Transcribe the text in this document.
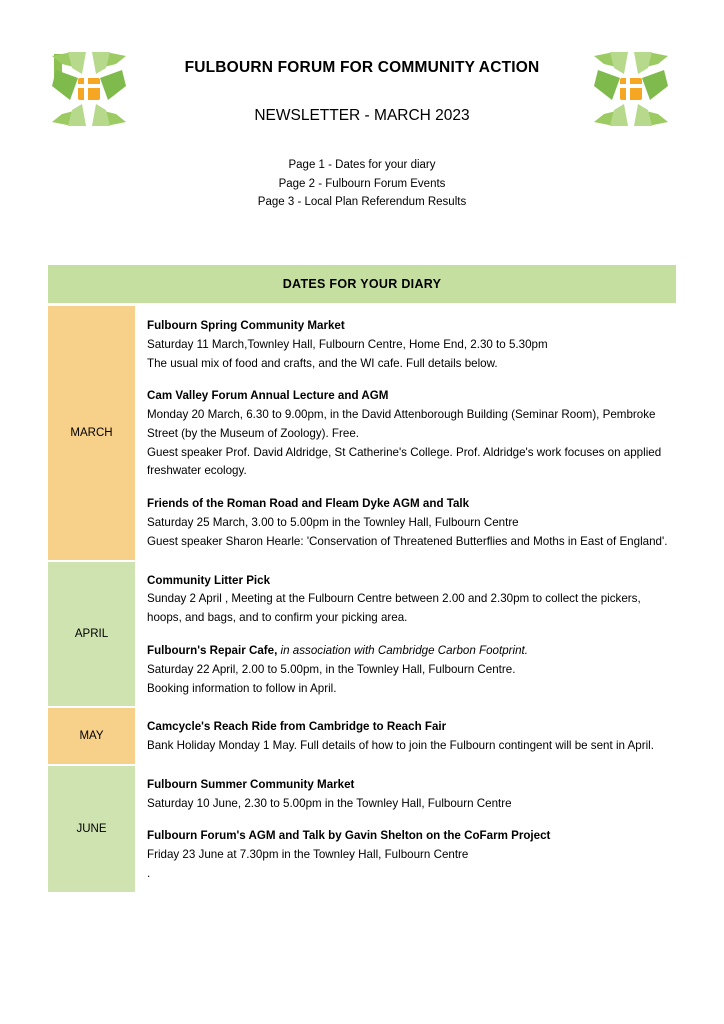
FULBOURN FORUM FOR COMMUNITY ACTION
NEWSLETTER - MARCH 2023
Page 1 - Dates for your diary
Page 2 - Fulbourn Forum Events
Page 3 - Local Plan Referendum Results
DATES FOR YOUR DIARY
MARCH
Fulbourn Spring Community Market
Saturday 11 March,Townley Hall, Fulbourn Centre, Home End, 2.30 to 5.30pm
The usual mix of food and crafts, and the WI cafe. Full details below.
Cam Valley Forum Annual Lecture and AGM
Monday 20 March, 6.30 to 9.00pm, in the David Attenborough Building (Seminar Room), Pembroke Street (by the Museum of Zoology). Free.
Guest speaker Prof. David Aldridge, St Catherine's College. Prof. Aldridge's work focuses on applied freshwater ecology.
Friends of the Roman Road and Fleam Dyke AGM and Talk
Saturday 25 March, 3.00 to 5.00pm in the Townley Hall, Fulbourn Centre
Guest speaker Sharon Hearle: 'Conservation of Threatened Butterflies and Moths in East of England'.
APRIL
Community Litter Pick
Sunday 2 April , Meeting at the Fulbourn Centre between 2.00 and 2.30pm to collect the pickers, hoops, and bags, and to confirm your picking area.
Fulbourn's Repair Cafe, in association with Cambridge Carbon Footprint.
Saturday 22 April, 2.00 to 5.00pm, in the Townley Hall, Fulbourn Centre.
Booking information to follow in April.
MAY
Camcycle's Reach Ride from Cambridge to Reach Fair
Bank Holiday Monday 1 May. Full details of how to join the Fulbourn contingent will be sent in April.
JUNE
Fulbourn Summer Community Market
Saturday 10 June, 2.30 to 5.00pm in the Townley Hall, Fulbourn Centre
Fulbourn Forum's AGM and Talk by Gavin Shelton on the CoFarm Project
Friday 23 June at 7.30pm in the Townley Hall, Fulbourn Centre
.
